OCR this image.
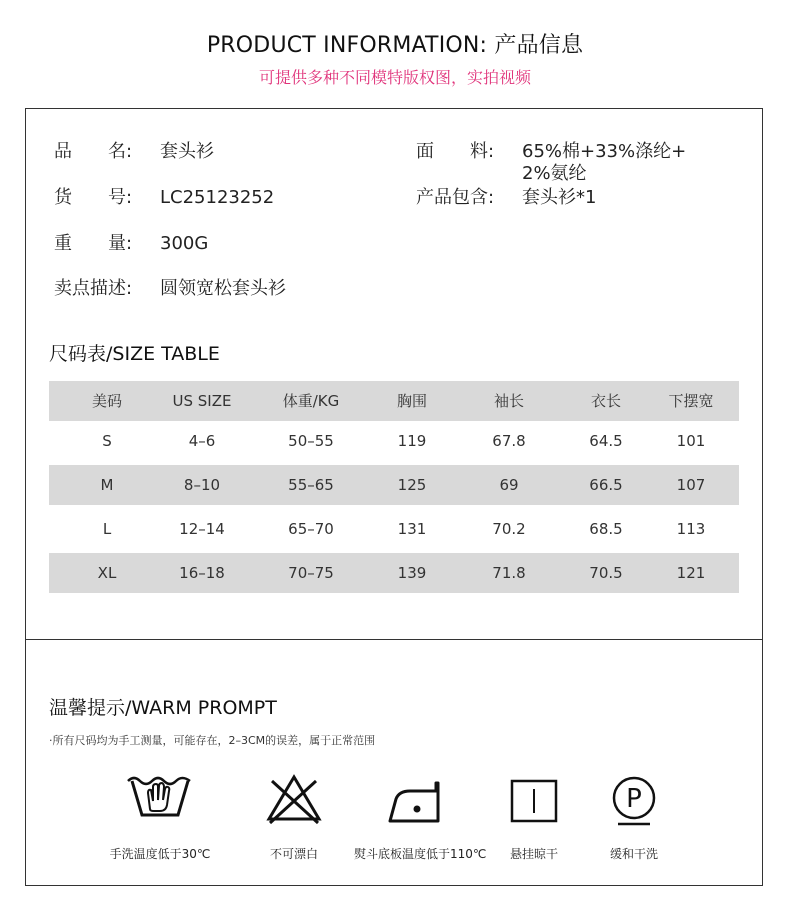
PRODUCT INFORMATION: 产品信息
可提供多种不同模特版权图，实拍视频
品　　名: 套头衫
货　　号: LC25123252
重　　量: 300G
卖点描述: 圆领宽松套头衫
面　　料: 65%棉+33%涤纶+
2%氨纶
产品包含: 套头衫*1
尺码表/SIZE TABLE
美码	US SIZE	体重/KG	胸围	袖长	衣长	下摆宽
S	4–6	50–55	119	67.8	64.5	101
M	8–10	55–65	125	69	66.5	107
L	12–14	65–70	131	70.2	68.5	113
XL	16–18	70–75	139	71.8	70.5	121
温馨提示/WARM PROMPT
·所有尺码均为手工测量，可能存在，2–3CM的误差，属于正常范围
手洗温度低于30℃	不可漂白	熨斗底板温度低于110℃	悬挂晾干
P
缓和干洗
